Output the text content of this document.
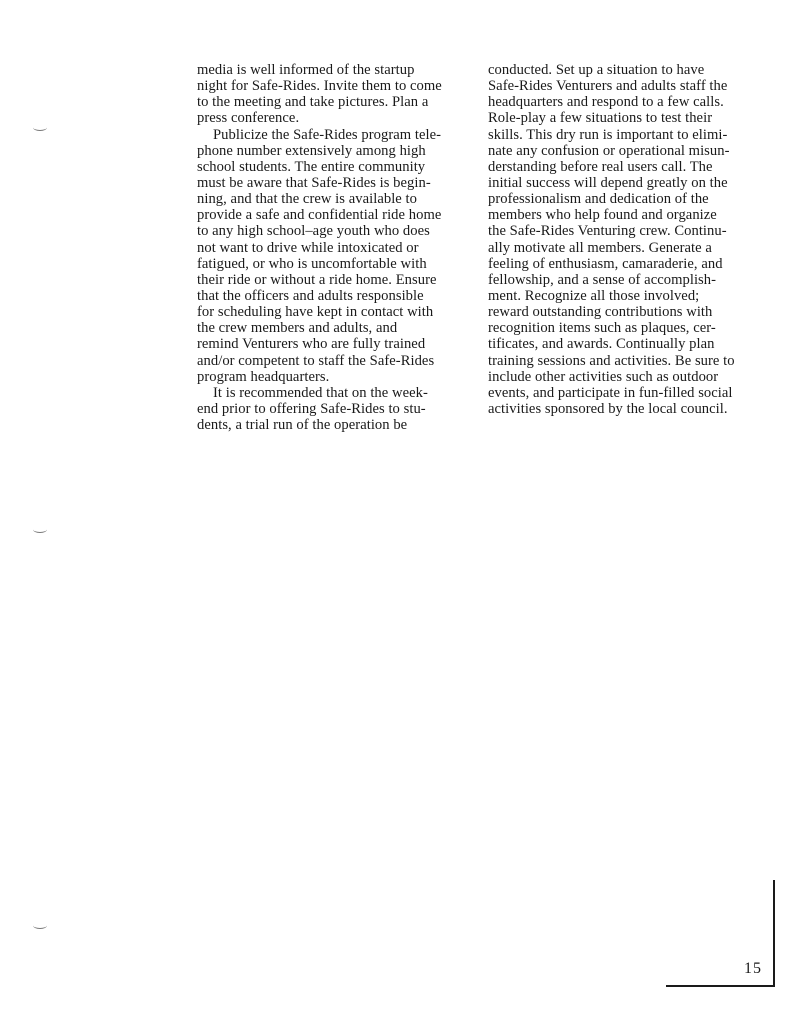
media is well informed of the startup
night for Safe-Rides. Invite them to come
to the meeting and take pictures. Plan a
press conference.
Publicize the Safe-Rides program tele-
phone number extensively among high
school students. The entire community
must be aware that Safe-Rides is begin-
ning, and that the crew is available to
provide a safe and confidential ride home
to any high school–age youth who does
not want to drive while intoxicated or
fatigued, or who is uncomfortable with
their ride or without a ride home. Ensure
that the officers and adults responsible
for scheduling have kept in contact with
the crew members and adults, and
remind Venturers who are fully trained
and/or competent to staff the Safe-Rides
program headquarters.
It is recommended that on the week-
end prior to offering Safe-Rides to stu-
dents, a trial run of the operation be
conducted. Set up a situation to have
Safe-Rides Venturers and adults staff the
headquarters and respond to a few calls.
Role-play a few situations to test their
skills. This dry run is important to elimi-
nate any confusion or operational misun-
derstanding before real users call. The
initial success will depend greatly on the
professionalism and dedication of the
members who help found and organize
the Safe-Rides Venturing crew. Continu-
ally motivate all members. Generate a
feeling of enthusiasm, camaraderie, and
fellowship, and a sense of accomplish-
ment. Recognize all those involved;
reward outstanding contributions with
recognition items such as plaques, cer-
tificates, and awards. Continually plan
training sessions and activities. Be sure to
include other activities such as outdoor
events, and participate in fun-filled social
activities sponsored by the local council.
15
